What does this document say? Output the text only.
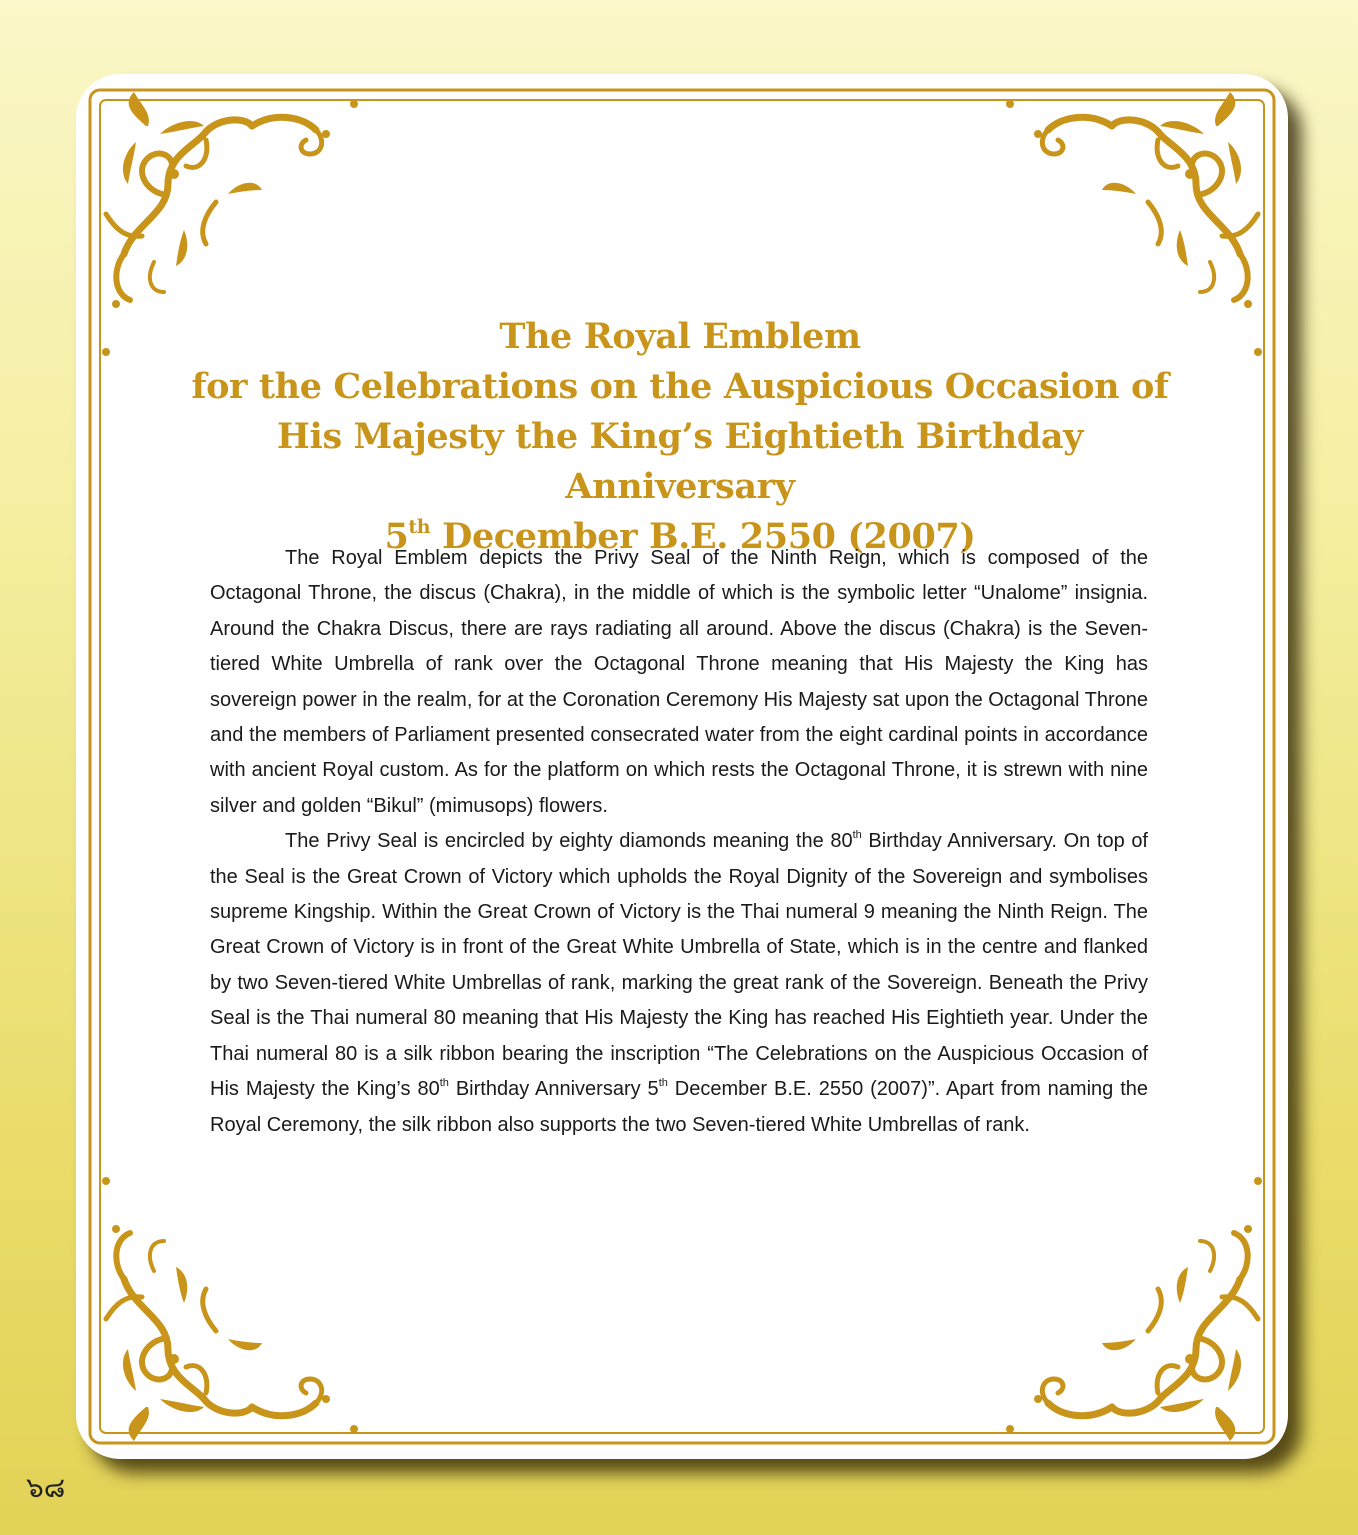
The Royal Emblem
for the Celebrations on the Auspicious Occasion of
His Majesty the King’s Eightieth Birthday Anniversary
5th December B.E. 2550 (2007)

The Royal Emblem depicts the Privy Seal of the Ninth Reign, which is composed of the Octagonal Throne, the discus (Chakra), in the middle of which is the symbolic letter “Unalome” insignia. Around the Chakra Discus, there are rays radiating all around. Above the discus (Chakra) is the Seven-tiered White Umbrella of rank over the Octagonal Throne meaning that His Majesty the King has sovereign power in the realm, for at the Coronation Ceremony His Majesty sat upon the Octagonal Throne and the members of Parliament presented consecrated water from the eight cardinal points in accordance with ancient Royal custom. As for the platform on which rests the Octagonal Throne, it is strewn with nine silver and golden “Bikul” (mimusops) flowers.

The Privy Seal is encircled by eighty diamonds meaning the 80th Birthday Anniversary. On top of the Seal is the Great Crown of Victory which upholds the Royal Dignity of the Sovereign and symbolises supreme Kingship. Within the Great Crown of Victory is the Thai numeral 9 meaning the Ninth Reign. The Great Crown of Victory is in front of the Great White Umbrella of State, which is in the centre and flanked by two Seven-tiered White Umbrellas of rank, marking the great rank of the Sovereign. Beneath the Privy Seal is the Thai numeral 80 meaning that His Majesty the King has reached His Eightieth year. Under the Thai numeral 80 is a silk ribbon bearing the inscription “The Celebrations on the Auspicious Occasion of His Majesty the King’s 80th Birthday Anniversary 5th December B.E. 2550 (2007)”. Apart from naming the Royal Ceremony, the silk ribbon also supports the two Seven-tiered White Umbrellas of rank.

๖๘
